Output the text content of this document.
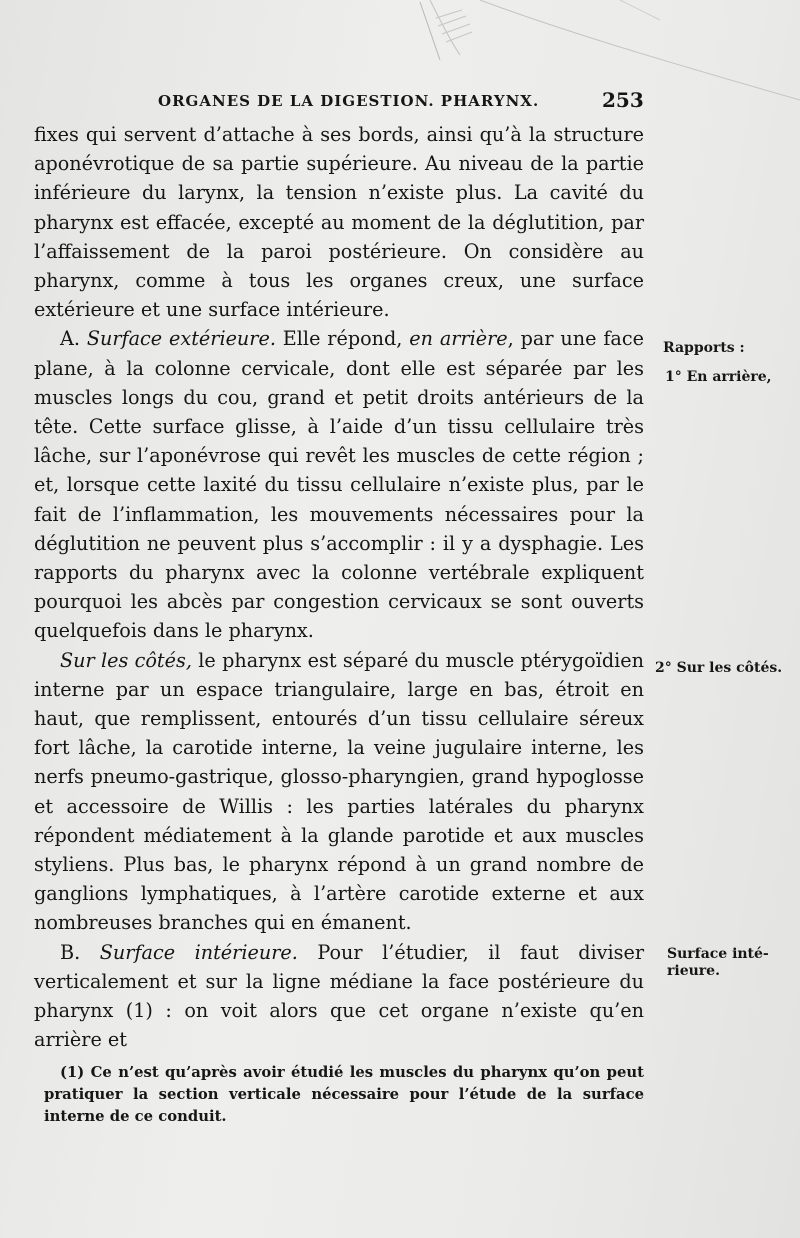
ORGANES DE LA DIGESTION. PHARYNX.	253

fixes qui servent d’attache à ses bords, ainsi qu’à la structure aponévrotique de sa partie supérieure. Au niveau de la partie inférieure du larynx, la tension n’existe plus. La cavité du pharynx est effacée, excepté au moment de la déglutition, par l’affaissement de la paroi postérieure. On considère au pharynx, comme à tous les organes creux, une surface extérieure et une surface intérieure.

A. Surface extérieure. Elle répond, en arrière, par une face plane, à la colonne cervicale, dont elle est séparée par les muscles longs du cou, grand et petit droits antérieurs de la tête. Cette surface glisse, à l’aide d’un tissu cellulaire très lâche, sur l’aponévrose qui revêt les muscles de cette région ; et, lorsque cette laxité du tissu cellulaire n’existe plus, par le fait de l’inflammation, les mouvements nécessaires pour la déglutition ne peuvent plus s’accomplir : il y a dysphagie. Les rapports du pharynx avec la colonne vertébrale expliquent pourquoi les abcès par congestion cervicaux se sont ouverts quelquefois dans le pharynx.

Sur les côtés, le pharynx est séparé du muscle ptérygoïdien interne par un espace triangulaire, large en bas, étroit en haut, que remplissent, entourés d’un tissu cellulaire séreux fort lâche, la carotide interne, la veine jugulaire interne, les nerfs pneumo-gastrique, glosso-pharyngien, grand hypoglosse et accessoire de Willis : les parties latérales du pharynx répondent médiatement à la glande parotide et aux muscles styliens. Plus bas, le pharynx répond à un grand nombre de ganglions lymphatiques, à l’artère carotide externe et aux nombreuses branches qui en émanent.

B. Surface intérieure. Pour l’étudier, il faut diviser verticalement et sur la ligne médiane la face postérieure du pharynx (1) : on voit alors que cet organe n’existe qu’en arrière et

Rapports :
1° En arrière,
2° Sur les côtés.
Surface inté-
rieure.
(1) Ce n’est qu’après avoir étudié les muscles du pharynx qu’on peut pratiquer la section verticale nécessaire pour l’étude de la surface interne de ce conduit.
